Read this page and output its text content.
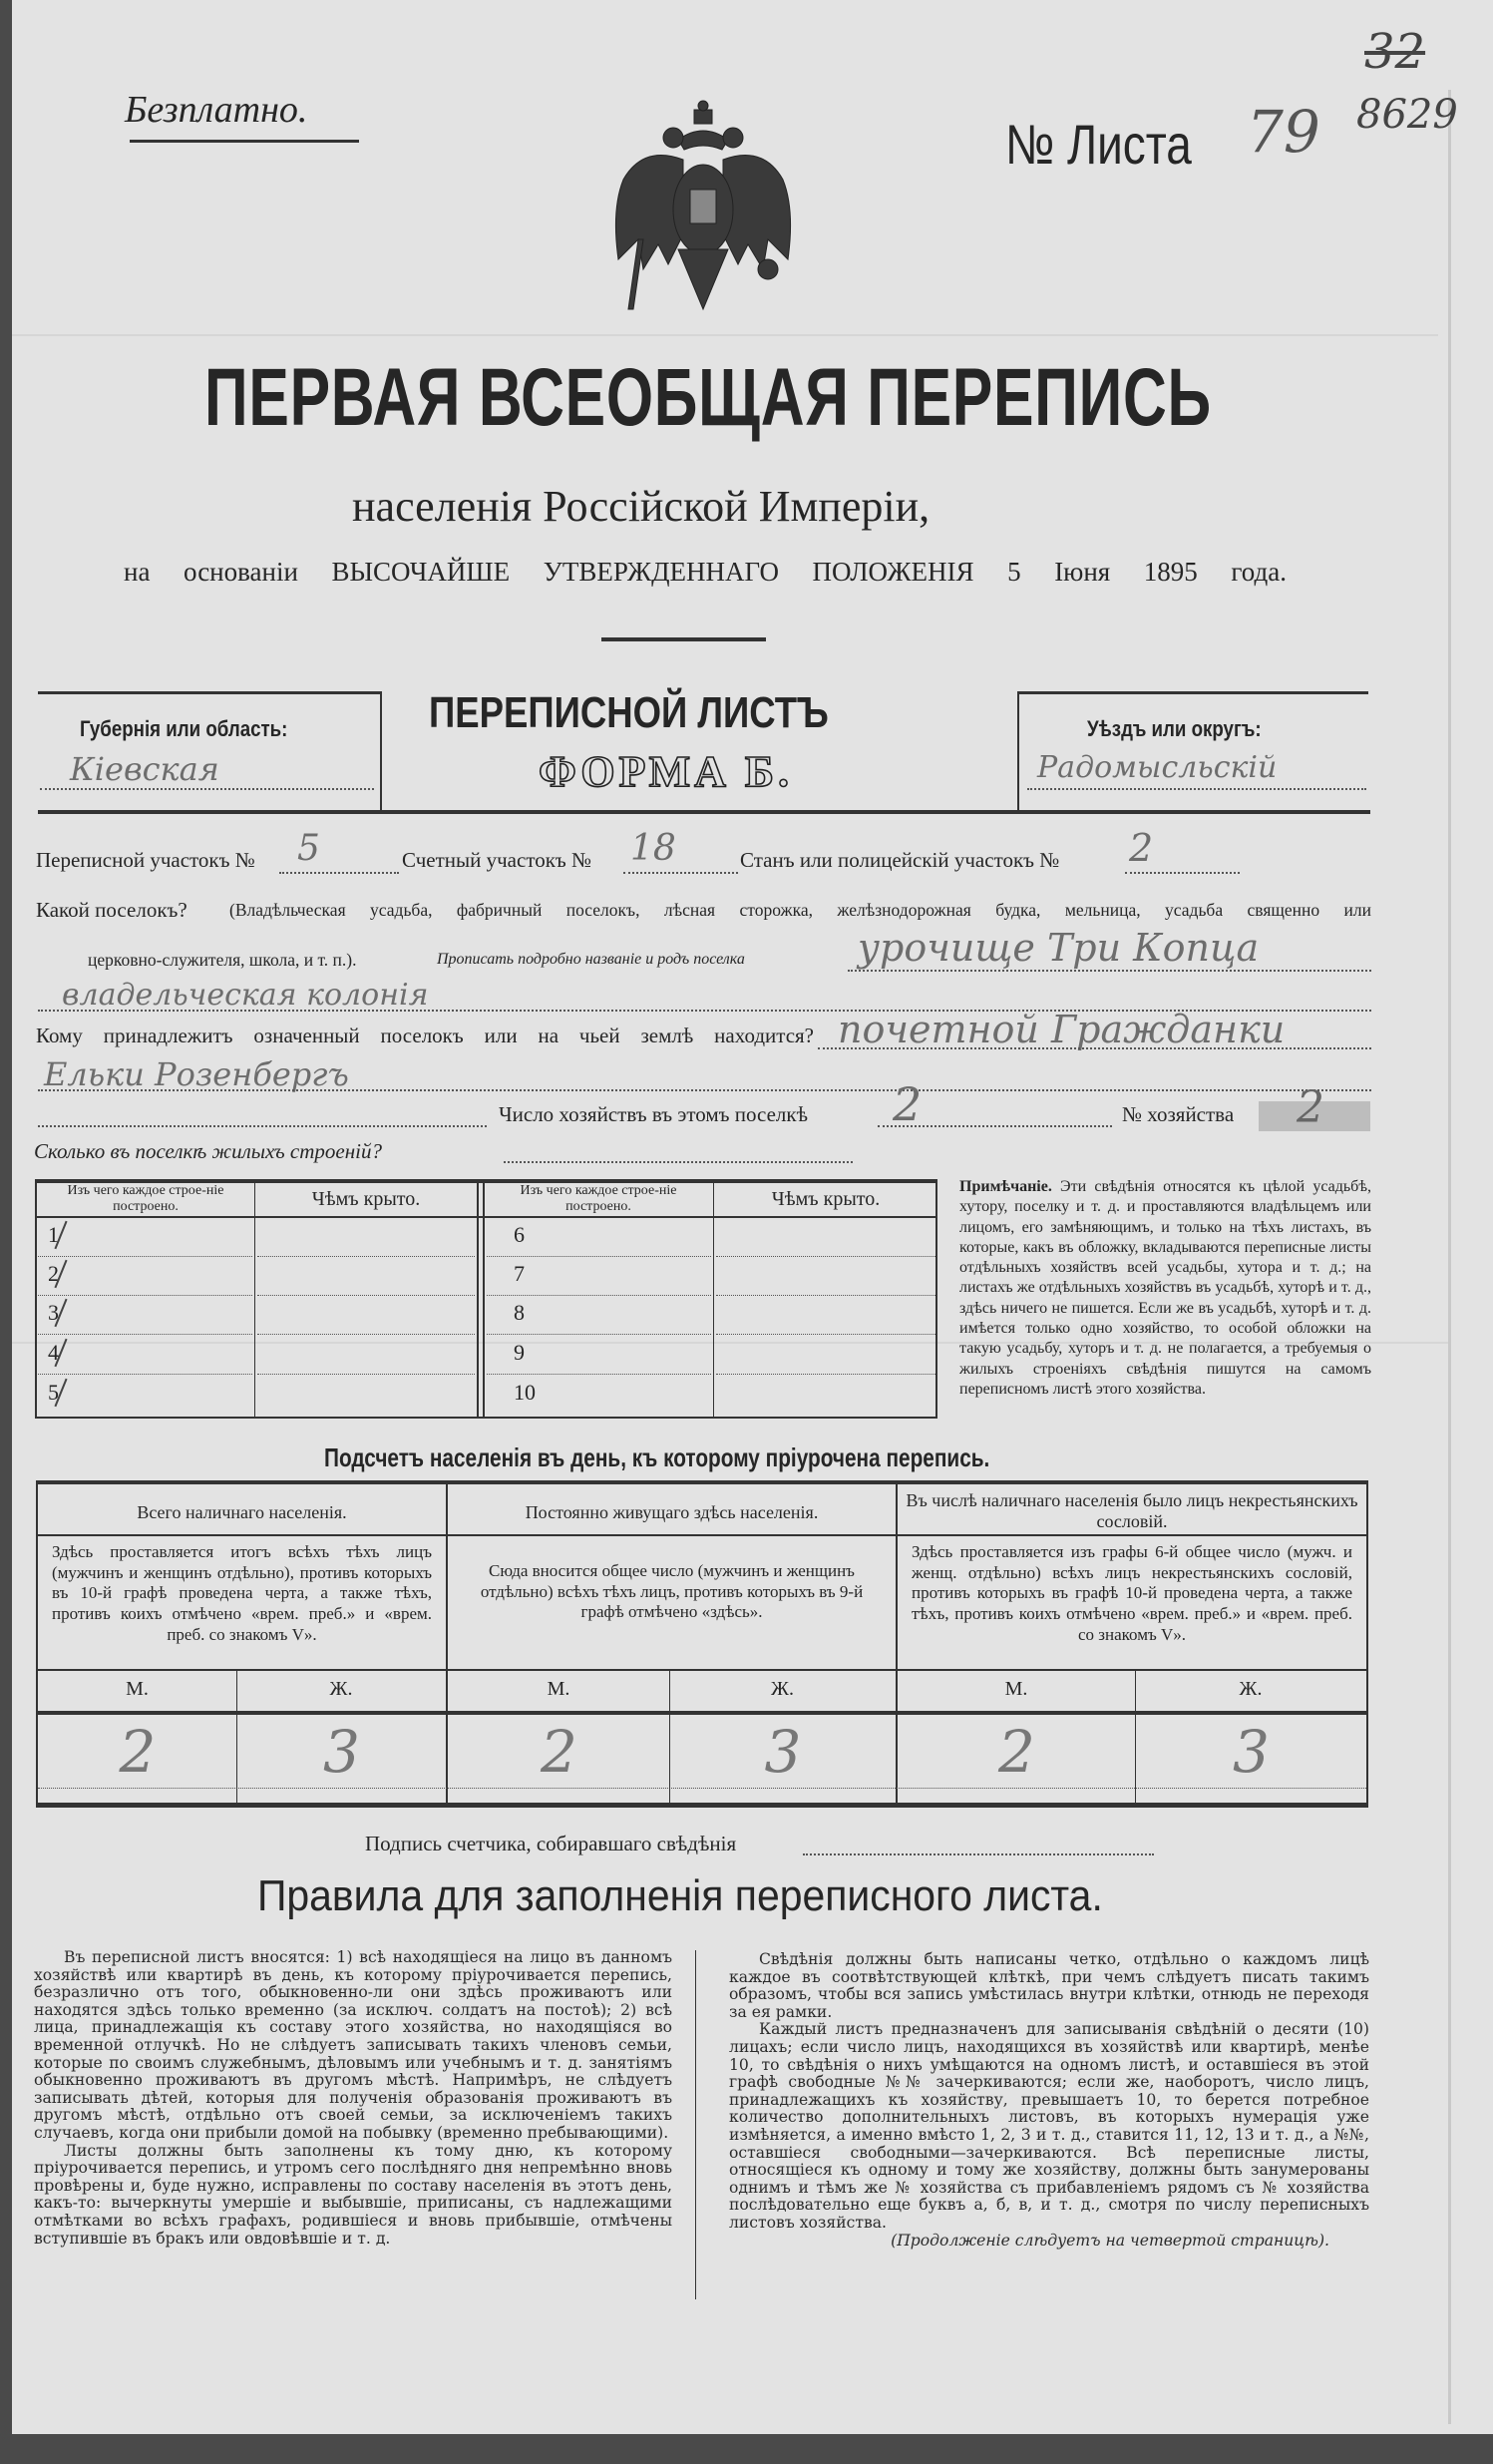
Безплатно.
№ Листа 79
32
8629
ПЕРВАЯ ВСЕОБЩАЯ ПЕРЕПИСЬ
населенія Россійской Имперіи,
на основаніи ВЫСОЧАЙШЕ УТВЕРЖДЕННАГО ПОЛОЖЕНІЯ 5 Іюня 1895 года.
Губернія или область:
Кіевская
ПЕРЕПИСНОЙ ЛИСТЪ
ФОРМА Б.
Уѣздъ или округъ:
Радомысльскій
Переписной участокъ № 5	Счетный участокъ № 18	Станъ или полицейскій участокъ № 2
Какой поселокъ? (Владѣльческая усадьба, фабричный поселокъ, лѣсная сторожка, желѣзнодорожная будка, мельница, усадьба священно или
церковно-служителя, школа, и т. п.).	Прописать подробно названіе и родъ поселка	урочище Три Копца
владельческая колонія
Кому принадлежитъ означенный поселокъ или на чьей землѣ находится? почетной Гражданки
Ельки Розенбергъ
Число хозяйствъ въ этомъ поселкѣ 2	№ хозяйства 2
Сколько въ поселкѣ жилыхъ строеній?
Изъ чего каждое строе-ніе построено.	Чѣмъ крыто.	Изъ чего каждое строе-ніе построено.	Чѣмъ крыто.
1	6
2	7
3	8
4	9
5	10
Примѣчаніе. Эти свѣдѣнія относятся къ цѣлой усадьбѣ, хутору, поселку и т. д. и проставляются владѣльцемъ или лицомъ, его замѣняющимъ, и только на тѣхъ листахъ, въ которые, какъ въ обложку, вкладываются переписные листы отдѣльныхъ хозяйствъ всей усадьбы, хутора и т. д.; на листахъ же отдѣльныхъ хозяйствъ въ усадьбѣ, хуторѣ и т. д., здѣсь ничего не пишется. Если же въ усадьбѣ, хуторѣ и т. д. имѣется только одно хозяйство, то особой обложки на такую усадьбу, хуторъ и т. д. не полагается, а требуемыя о жилыхъ строеніяхъ свѣдѣнія пишутся на самомъ переписномъ листѣ этого хозяйства.
Подсчетъ населенія въ день, къ которому пріурочена перепись.
Всего наличнаго населенія.
Здѣсь проставляется итогъ всѣхъ тѣхъ лицъ (мужчинъ и женщинъ отдѣльно), противъ которыхъ въ 10-й графѣ проведена черта, а также тѣхъ, противъ коихъ отмѣчено «врем. преб.» и «врем. преб. со знакомъ V».
М.	Ж.
2	3
Постоянно живущаго здѣсь населенія.
Сюда вносится общее число (мужчинъ и женщинъ отдѣльно) всѣхъ тѣхъ лицъ, противъ которыхъ въ 9-й графѣ отмѣчено «здѣсь».
М.	Ж.
2	3
Въ числѣ наличнаго населенія было лицъ некрестьянскихъ сословій.
Здѣсь проставляется изъ графы 6-й общее число (мужч. и женщ. отдѣльно) всѣхъ лицъ некрестьянскихъ сословій, противъ которыхъ въ графѣ 10-й проведена черта, а также тѣхъ, противъ коихъ отмѣчено «врем. преб.» и «врем. преб. со знакомъ V».
М.	Ж.
2	3
Подпись счетчика, собиравшаго свѣдѣнія
Правила для заполненія переписного листа.

Въ переписной листъ вносятся: 1) всѣ находящіеся на лицо въ данномъ хозяйствѣ или квартирѣ въ день, къ которому пріурочивается перепись, безразлично отъ того, обыкновенно-ли они здѣсь проживаютъ или находятся здѣсь только временно (за исключ. солдатъ на постоѣ); 2) всѣ лица, принадлежащія къ составу этого хозяйства, но находящіяся во временной отлучкѣ. Но не слѣдуетъ записывать такихъ членовъ семьи, которые по своимъ служебнымъ, дѣловымъ или учебнымъ и т. д. занятіямъ обыкновенно проживаютъ въ другомъ мѣстѣ. Напримѣръ, не слѣдуетъ записывать дѣтей, которыя для полученія образованія проживаютъ въ другомъ мѣстѣ, отдѣльно отъ своей семьи, за исключеніемъ такихъ случаевъ, когда они прибыли домой на побывку (временно пребывающими).

Листы должны быть заполнены къ тому дню, къ которому пріурочивается перепись, и утромъ сего послѣдняго дня непремѣнно вновь провѣрены и, буде нужно, исправлены по составу населенія въ этотъ день, какъ-то: вычеркнуты умершіе и выбывшіе, приписаны, съ надлежащими отмѣтками во всѣхъ графахъ, родившіеся и вновь прибывшіе, отмѣчены вступившіе въ бракъ или овдовѣвшіе и т. д.

Свѣдѣнія должны быть написаны четко, отдѣльно о каждомъ лицѣ каждое въ соотвѣтствующей клѣткѣ, при чемъ слѣдуетъ писать такимъ образомъ, чтобы вся запись умѣстилась внутри клѣтки, отнюдь не переходя за ея рамки.

Каждый листъ предназначенъ для записыванія свѣдѣній о десяти (10) лицахъ; если число лицъ, находящихся въ хозяйствѣ или квартирѣ, менѣе 10, то свѣдѣнія о нихъ умѣщаются на одномъ листѣ, и оставшіеся въ этой графѣ свободные №№ зачеркиваются; если же, наоборотъ, число лицъ, принадлежащихъ къ хозяйству, превышаетъ 10, то берется потребное количество дополнительныхъ листовъ, въ которыхъ нумерація уже измѣняется, а именно вмѣсто 1, 2, 3 и т. д., ставится 11, 12, 13 и т. д., а №№, оставшіеся свободными—зачеркиваются. Всѣ переписные листы, относящіеся къ одному и тому же хозяйству, должны быть занумерованы однимъ и тѣмъ же № хозяйства съ прибавленіемъ рядомъ съ № хозяйства послѣдовательно еще буквъ а, б, в, и т. д., смотря по числу переписныхъ листовъ хозяйства.

(Продолженіе слѣдуетъ на четвертой страницѣ).
